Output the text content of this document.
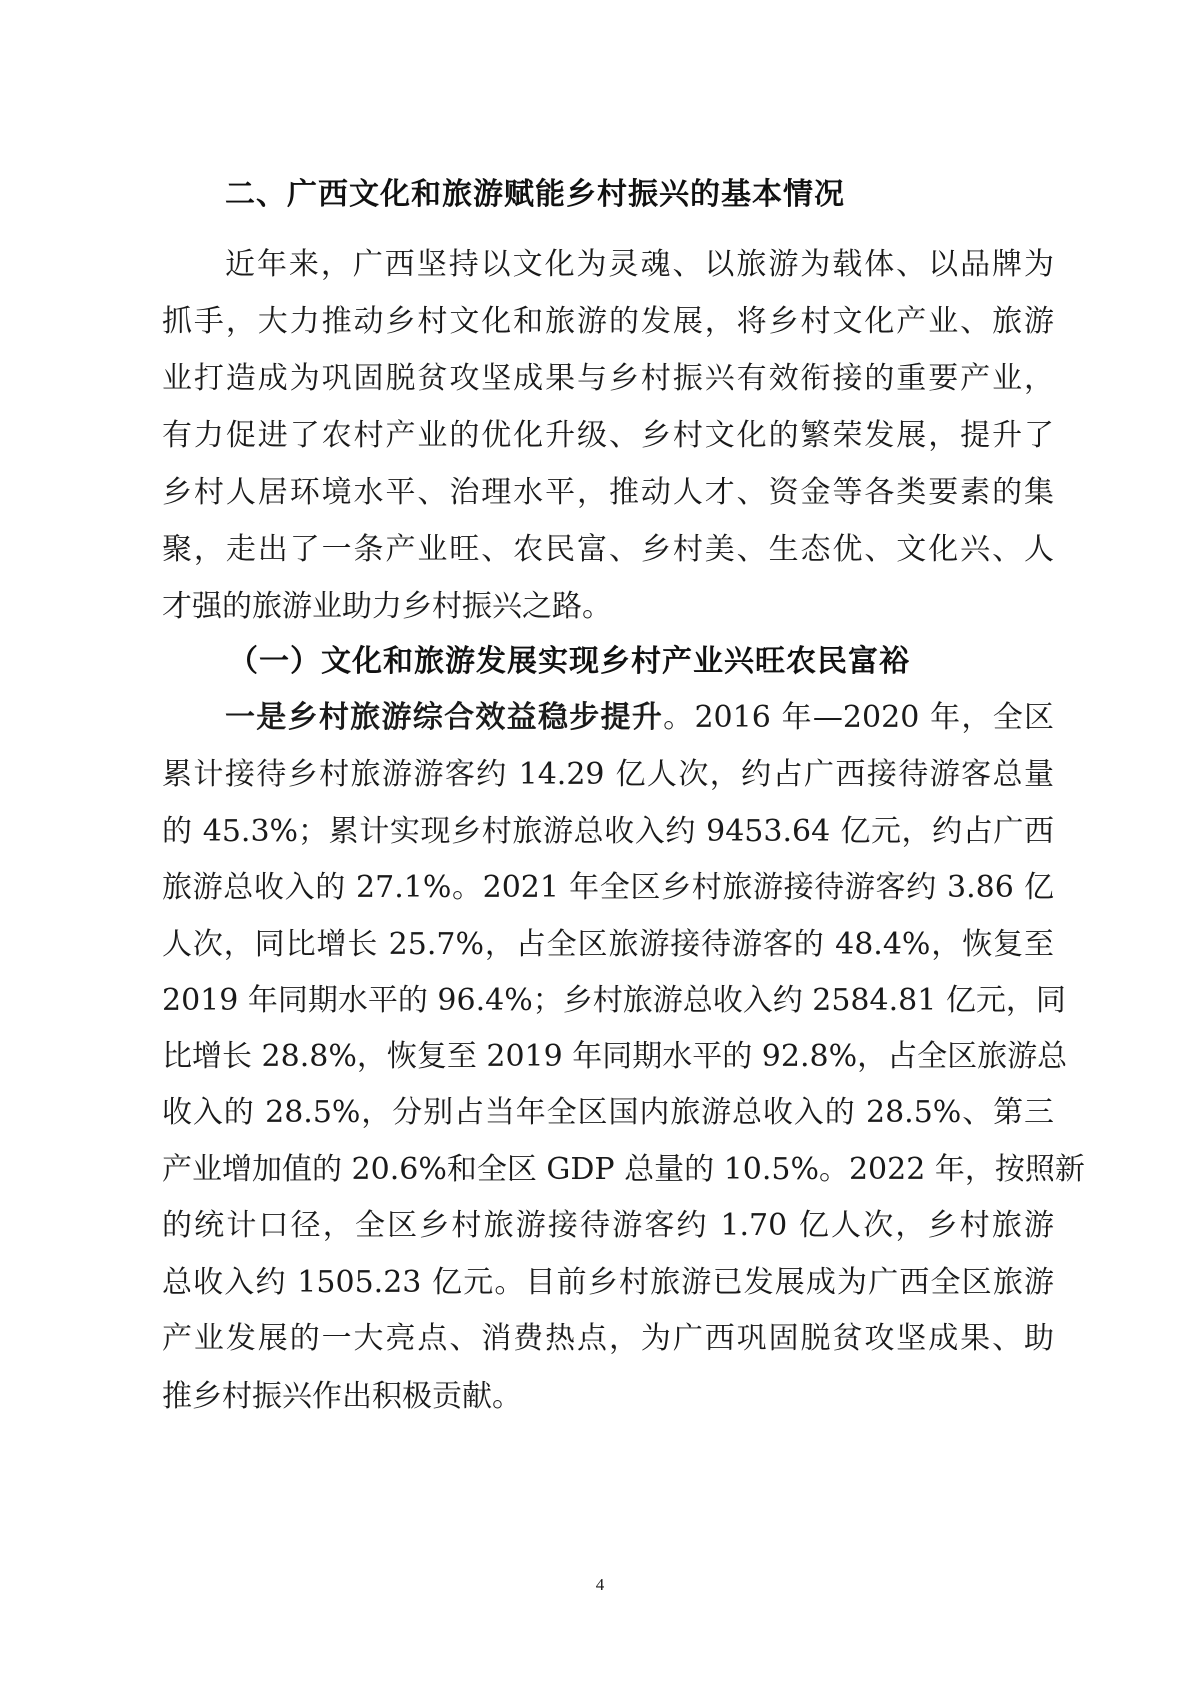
二、广西文化和旅游赋能乡村振兴的基本情况
近年来，广西坚持以文化为灵魂、以旅游为载体、以品牌为
抓手，大力推动乡村文化和旅游的发展，将乡村文化产业、旅游
业打造成为巩固脱贫攻坚成果与乡村振兴有效衔接的重要产业，
有力促进了农村产业的优化升级、乡村文化的繁荣发展，提升了
乡村人居环境水平、治理水平，推动人才、资金等各类要素的集
聚，走出了一条产业旺、农民富、乡村美、生态优、文化兴、人
才强的旅游业助力乡村振兴之路。
（一）文化和旅游发展实现乡村产业兴旺农民富裕
一是乡村旅游综合效益稳步提升。2016 年—2020 年，全区
累计接待乡村旅游游客约 14.29 亿人次，约占广西接待游客总量
的 45.3%；累计实现乡村旅游总收入约 9453.64 亿元，约占广西
旅游总收入的 27.1%。2021 年全区乡村旅游接待游客约 3.86 亿
人次，同比增长 25.7%，占全区旅游接待游客的 48.4%，恢复至
2019 年同期水平的 96.4%；乡村旅游总收入约 2584.81 亿元，同
比增长 28.8%，恢复至 2019 年同期水平的 92.8%，占全区旅游总
收入的 28.5%，分别占当年全区国内旅游总收入的 28.5%、第三
产业增加值的 20.6%和全区 GDP 总量的 10.5%。2022 年，按照新
的统计口径，全区乡村旅游接待游客约 1.70 亿人次，乡村旅游
总收入约 1505.23 亿元。目前乡村旅游已发展成为广西全区旅游
产业发展的一大亮点、消费热点，为广西巩固脱贫攻坚成果、助
推乡村振兴作出积极贡献。
4
